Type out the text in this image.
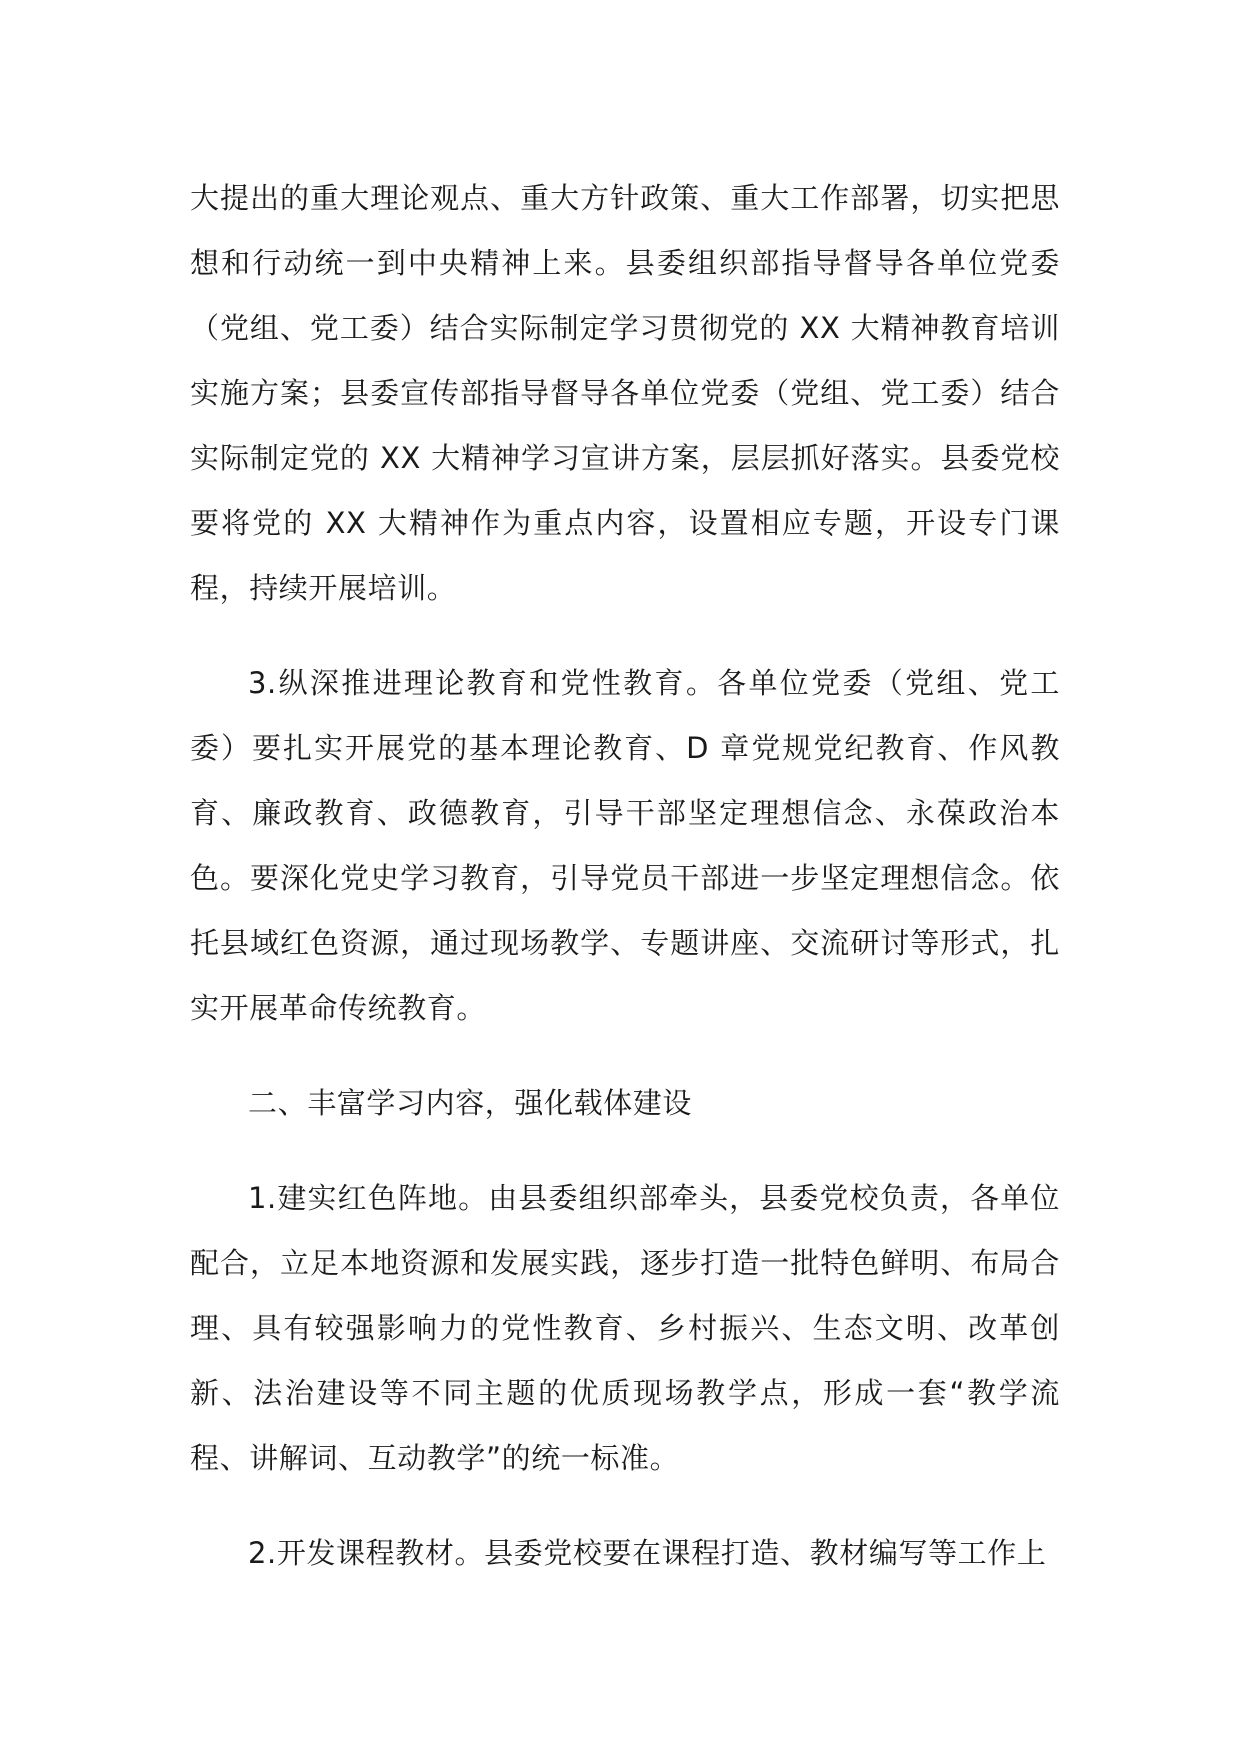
大提出的重大理论观点、重大方针政策、重大工作部署，切实把思想和行动统一到中央精神上来。县委组织部指导督导各单位党委（党组、党工委）结合实际制定学习贯彻党的 XX 大精神教育培训实施方案；县委宣传部指导督导各单位党委（党组、党工委）结合实际制定党的 XX 大精神学习宣讲方案，层层抓好落实。县委党校要将党的 XX 大精神作为重点内容，设置相应专题，开设专门课程，持续开展培训。

3.纵深推进理论教育和党性教育。各单位党委（党组、党工委）要扎实开展党的基本理论教育、D 章党规党纪教育、作风教育、廉政教育、政德教育，引导干部坚定理想信念、永葆政治本色。要深化党史学习教育，引导党员干部进一步坚定理想信念。依托县域红色资源，通过现场教学、专题讲座、交流研讨等形式，扎实开展革命传统教育。

二、丰富学习内容，强化载体建设

1.建实红色阵地。由县委组织部牵头，县委党校负责，各单位配合，立足本地资源和发展实践，逐步打造一批特色鲜明、布局合理、具有较强影响力的党性教育、乡村振兴、生态文明、改革创新、法治建设等不同主题的优质现场教学点，形成一套“教学流程、讲解词、互动教学”的统一标准。

2.开发课程教材。县委党校要在课程打造、教材编写等工作上
